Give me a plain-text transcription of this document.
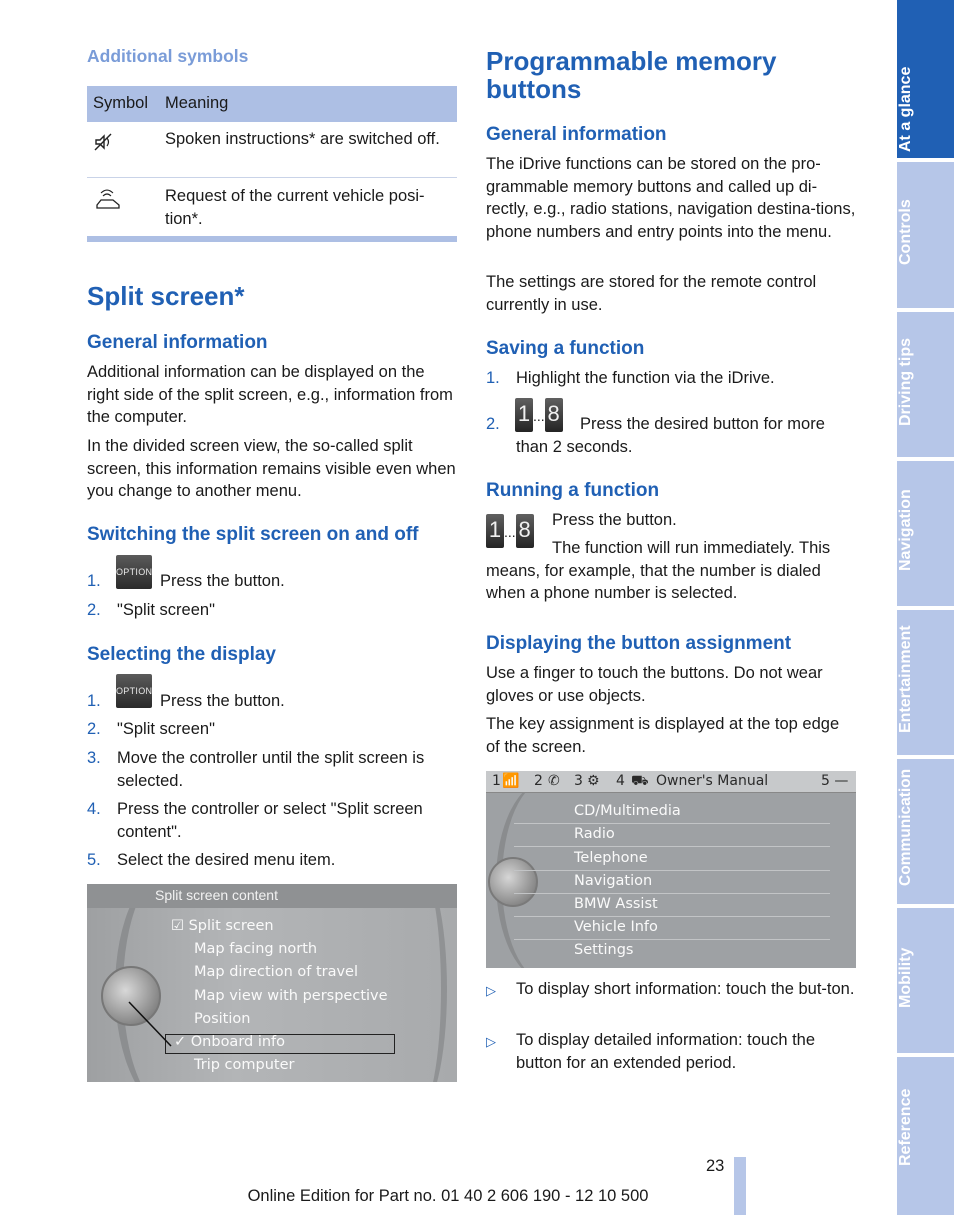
Additional symbols
Symbol Meaning
Spoken instructions* are switched off.
Request of the current vehicle posi-tion*.
Split screen*
General information
Additional information can be displayed on the right side of the split screen, e.g., information from the computer.
In the divided screen view, the so-called split screen, this information remains visible even when you change to another menu.
Switching the split screen on and off
OPTION
1.	Press the button.
2. "Split screen"
Selecting the display
OPTION
1.	Press the button.
2. "Split screen"
3. Move the controller until the split screen is selected.
4. Press the controller or select "Split screen content".
5. Select the desired menu item.
Split screen content
☑ Split screen
Map facing north
Map direction of travel
Map view with perspective
Position
✓ Onboard info
Trip computer
Programmable memory
buttons
General information
The iDrive functions can be stored on the pro-grammable memory buttons and called up di-rectly, e.g., radio stations, navigation destina-tions, phone numbers and entry points into the menu.
The settings are stored for the remote control currently in use.
Saving a function
1. Highlight the function via the iDrive.
1 ... 8
2.	Press the desired button for more than 2 seconds.
Running a function
1 ... 8 Press the button.
The function will run immediately. This means, for example, that the number is dialed when a phone number is selected.
Displaying the button assignment
Use a finger to touch the buttons. Do not wear gloves or use objects.
The key assignment is displayed at the top edge of the screen.
1 📶 2 ✆ 3 ⚙ 4 ⛟ Owner's Manual	5 —
CD/Multimedia
Radio
Telephone
Navigation
BMW Assist
Vehicle Info
Settings
▷ To display short information: touch the but-ton.
▷ To display detailed information: touch the button for an extended period.
At a glance
Controls
Driving tips
Navigation
Entertainment
Communication
Mobility
Reference
23
Online Edition for Part no. 01 40 2 606 190 - 12 10 500
